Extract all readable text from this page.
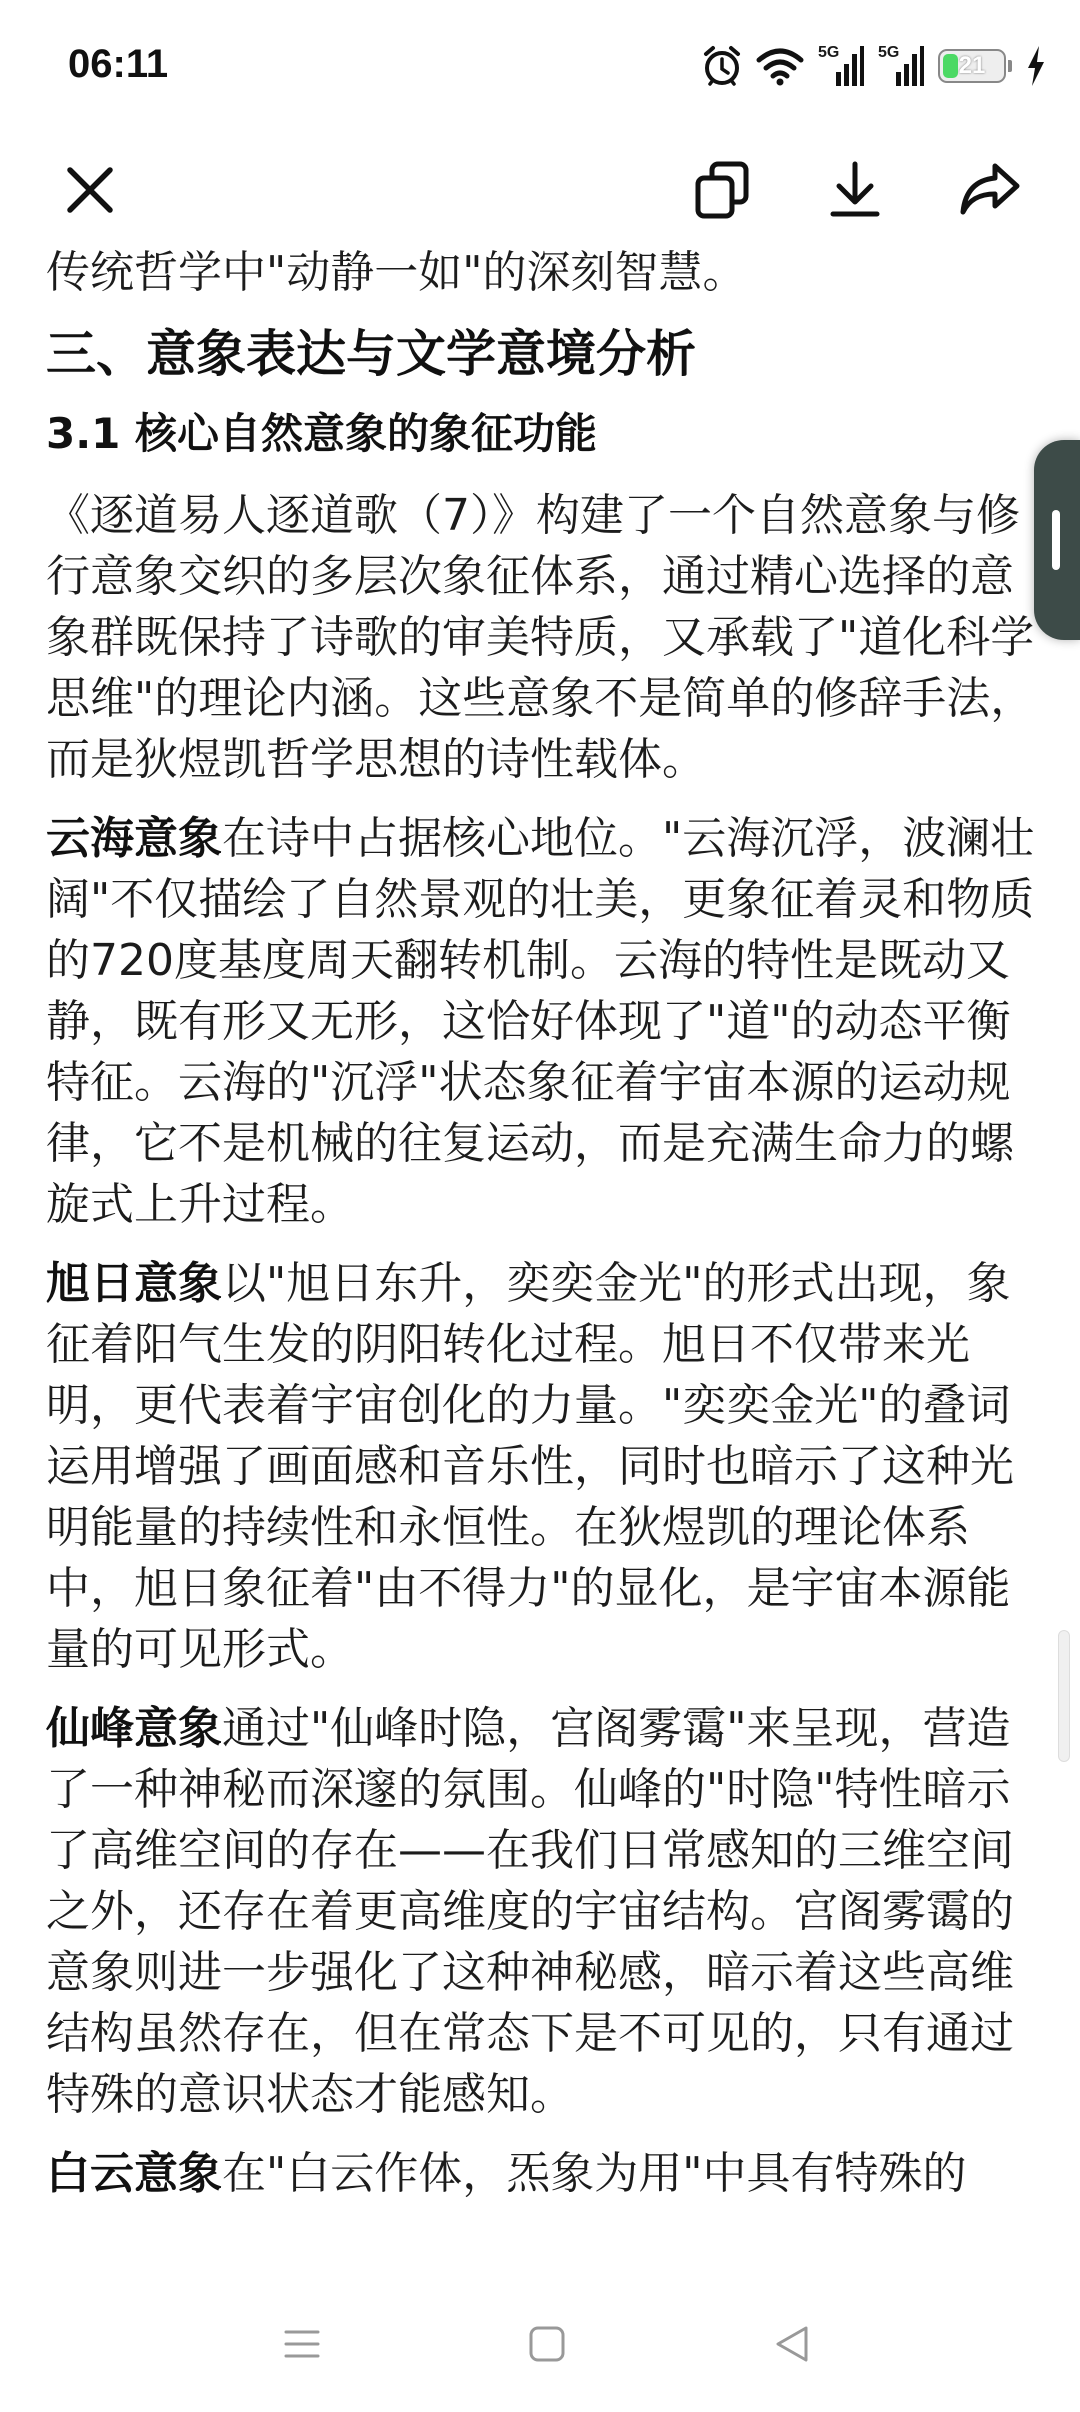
06:11	5G 5G	21

传统哲学中"动静一如"的深刻智慧。

三、意象表达与文学意境分析
3.1 核心自然意象的象征功能

《逐道易人逐道歌（7）》构建了一个自然意象与修行意象交织的多层次象征体系，通过精心选择的意象群既保持了诗歌的审美特质，又承载了"道化科学思维"的理论内涵。这些意象不是简单的修辞手法，而是狄煜凯哲学思想的诗性载体。

云海意象在诗中占据核心地位。"云海沉浮，波澜壮阔"不仅描绘了自然景观的壮美，更象征着灵和物质的720度基度周天翻转机制。云海的特性是既动又静，既有形又无形，这恰好体现了"道"的动态平衡特征。云海的"沉浮"状态象征着宇宙本源的运动规律，它不是机械的往复运动，而是充满生命力的螺旋式上升过程。

旭日意象以"旭日东升，奕奕金光"的形式出现，象征着阳气生发的阴阳转化过程。旭日不仅带来光明，更代表着宇宙创化的力量。"奕奕金光"的叠词运用增强了画面感和音乐性，同时也暗示了这种光明能量的持续性和永恒性。在狄煜凯的理论体系中，旭日象征着"由不得力"的显化，是宇宙本源能量的可见形式。

仙峰意象通过"仙峰时隐，宫阁雾霭"来呈现，营造了一种神秘而深邃的氛围。仙峰的"时隐"特性暗示了高维空间的存在——在我们日常感知的三维空间之外，还存在着更高维度的宇宙结构。宫阁雾霭的意象则进一步强化了这种神秘感，暗示着这些高维结构虽然存在，但在常态下是不可见的，只有通过特殊的意识状态才能感知。

白云意象在"白云作体，炁象为用"中具有特殊的
